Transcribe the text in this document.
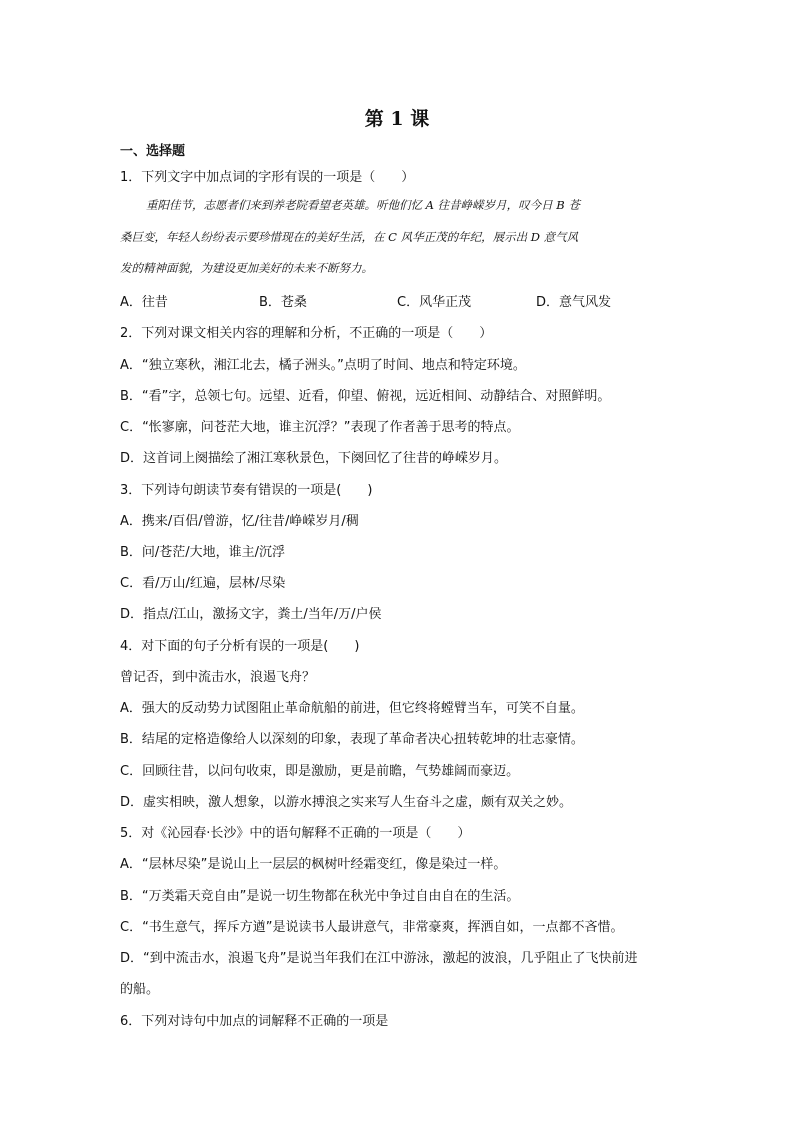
第 1 课
一、选择题
1．下列文字中加点词的字形有误的一项是（　　）
重阳佳节，志愿者们来到养老院看望老英雄。听他们忆 A 往昔峥嵘岁月，叹今日 B 苍
桑巨变，年轻人纷纷表示要珍惜现在的美好生活，在 C 风华正茂的年纪，展示出 D 意气风
发的精神面貌，为建设更加美好的未来不断努力。
A．往昔	B．苍桑	C．风华正茂	D．意气风发
2．下列对课文相关内容的理解和分析，不正确的一项是（　　）
A．“独立寒秋，湘江北去，橘子洲头。”点明了时间、地点和特定环境。
B．“看”字，总领七句。远望、近看，仰望、俯视，远近相间、动静结合、对照鲜明。
C．“怅寥廓，问苍茫大地，谁主沉浮？”表现了作者善于思考的特点。
D．这首词上阕描绘了湘江寒秋景色，下阕回忆了往昔的峥嵘岁月。
3．下列诗句朗读节奏有错误的一项是(　　)
A．携来/百侣/曾游，忆/往昔/峥嵘岁月/稠
B．问/苍茫/大地，谁主/沉浮
C．看/万山/红遍，层林/尽染
D．指点/江山，激扬文字，粪土/当年/万/户侯
4．对下面的句子分析有误的一项是(　　)
曾记否，到中流击水，浪遏飞舟？
A．强大的反动势力试图阻止革命航船的前进，但它终将螳臂当车，可笑不自量。
B．结尾的定格造像给人以深刻的印象，表现了革命者决心扭转乾坤的壮志豪情。
C．回顾往昔，以问句收束，即是激励，更是前瞻，气势雄阔而豪迈。
D．虚实相映，激人想象，以游水搏浪之实来写人生奋斗之虚，颇有双关之妙。
5．对《沁园春·长沙》中的语句解释不正确的一项是（　　）
A．“层林尽染”是说山上一层层的枫树叶经霜变红，像是染过一样。
B．“万类霜天竞自由”是说一切生物都在秋光中争过自由自在的生活。
C．“书生意气，挥斥方遒”是说读书人最讲意气，非常豪爽，挥洒自如，一点都不吝惜。
D．“到中流击水，浪遏飞舟”是说当年我们在江中游泳，激起的波浪，几乎阻止了飞快前进
的船。
6．下列对诗句中加点的词解释不正确的一项是
